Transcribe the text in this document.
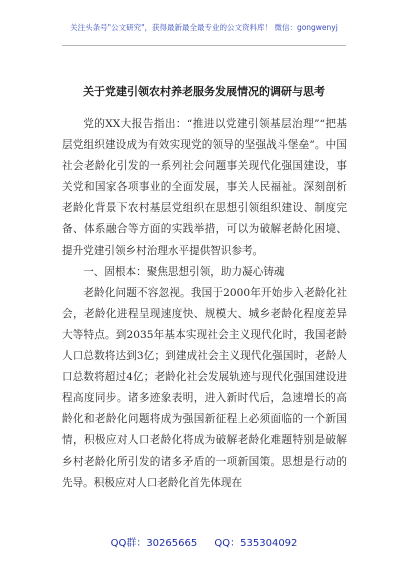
关注头条号"公文研究"，获得最新最全最专业的公文资料库！ 微信：gongwenyj
关于党建引领农村养老服务发展情况的调研与思考

党的XX大报告指出：“推进以党建引领基层治理”“把基层党组织建设成为有效实现党的领导的坚强战斗堡垒”。中国社会老龄化引发的一系列社会问题事关现代化强国建设，事关党和国家各项事业的全面发展，事关人民福祉。深刻剖析老龄化背景下农村基层党组织在思想引领组织建设、制度完备、体系融合等方面的实践举措，可以为破解老龄化困境、提升党建引领乡村治理水平提供智识参考。

一、固根本：聚焦思想引领，助力凝心铸魂

老龄化问题不容忽视。我国于2000年开始步入老龄化社会，老龄化进程呈现速度快、规模大、城乡老龄化程度差异大等特点。到2035年基本实现社会主义现代化时，我国老龄人口总数将达到3亿；到建成社会主义现代化强国时，老龄人口总数将超过4亿；老龄化社会发展轨迹与现代化强国建设进程高度同步。诸多迹象表明，进入新时代后，急速增长的高龄化和老龄化问题将成为强国新征程上必须面临的一个新国情，积极应对人口老龄化将成为破解老龄化难题特别是破解乡村老龄化所引发的诸多矛盾的一项新国策。思想是行动的先导。积极应对人口老龄化首先体现在

QQ群：30265665 QQ：535304092
